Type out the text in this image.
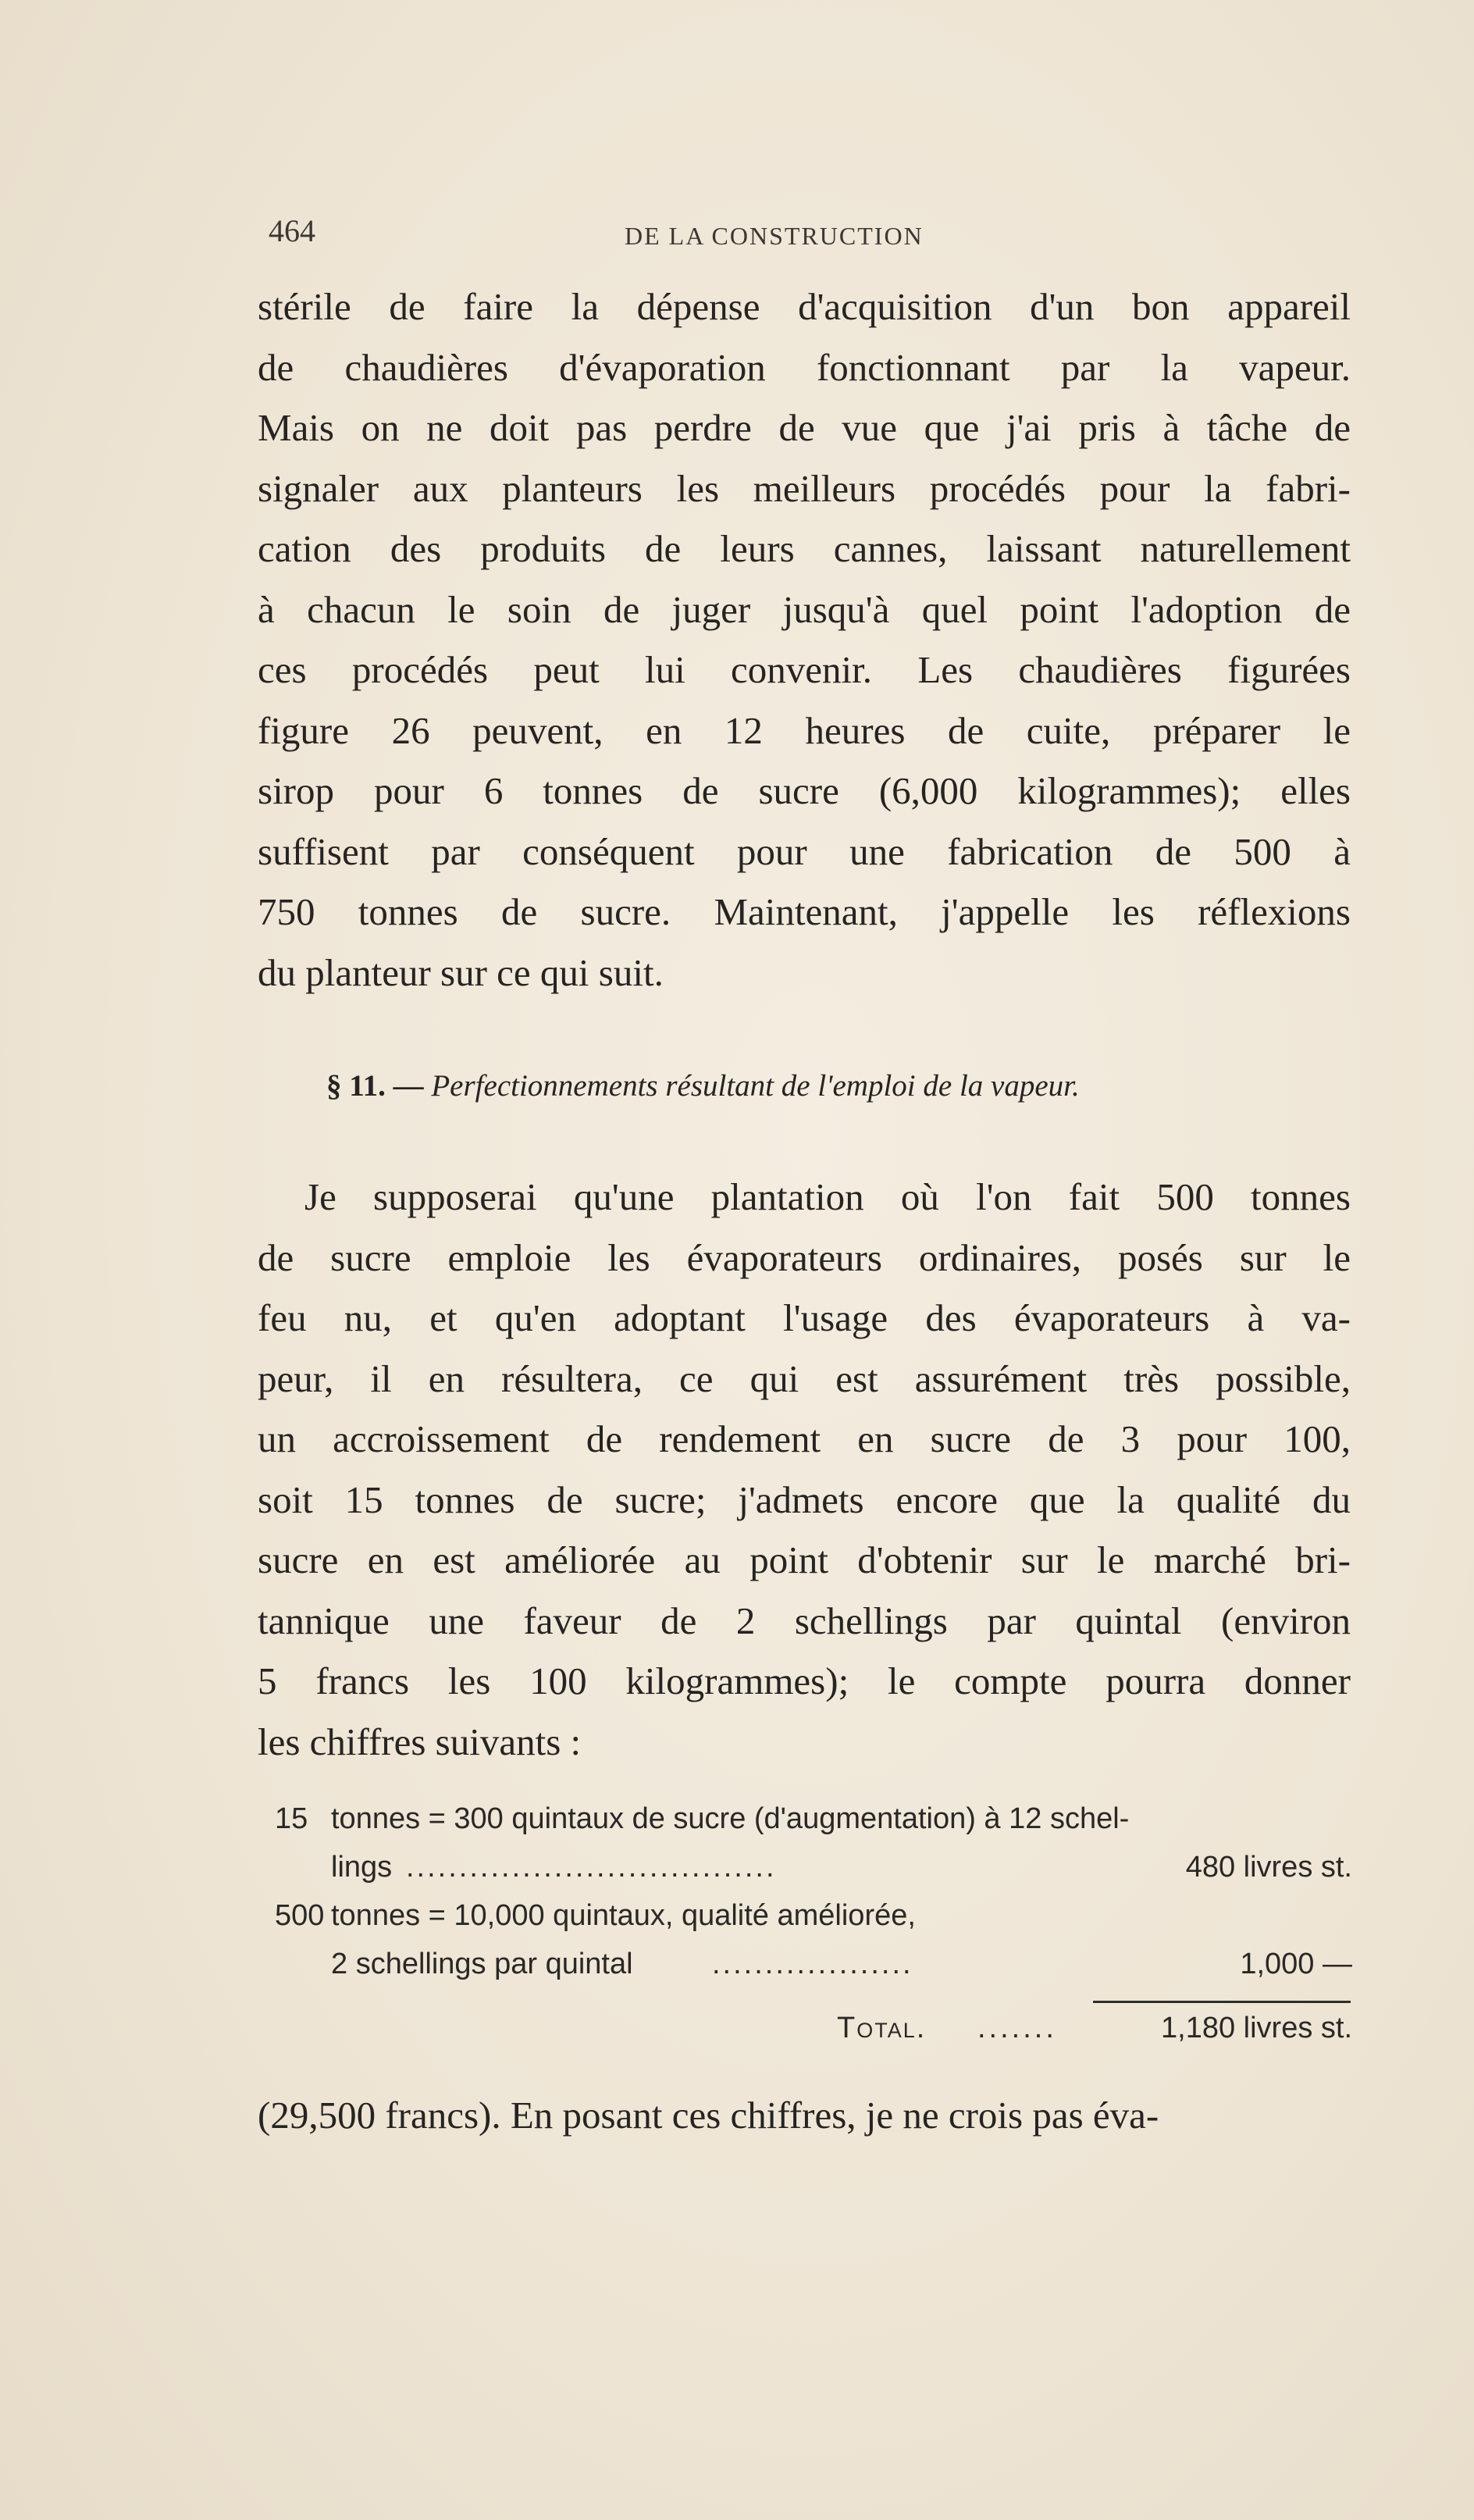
464	DE LA CONSTRUCTION
stérile de faire la dépense d'acquisition d'un bon appareil
de chaudières d'évaporation fonctionnant par la vapeur.
Mais on ne doit pas perdre de vue que j'ai pris à tâche de
signaler aux planteurs les meilleurs procédés pour la fabri-
cation des produits de leurs cannes, laissant naturellement
à chacun le soin de juger jusqu'à quel point l'adoption de
ces procédés peut lui convenir. Les chaudières figurées
figure 26 peuvent, en 12 heures de cuite, préparer le
sirop pour 6 tonnes de sucre (6,000 kilogrammes); elles
suffisent par conséquent pour une fabrication de 500 à
750 tonnes de sucre. Maintenant, j'appelle les réflexions
du planteur sur ce qui suit.
§ 11. — Perfectionnements résultant de l'emploi de la vapeur.
Je supposerai qu'une plantation où l'on fait 500 tonnes
de sucre emploie les évaporateurs ordinaires, posés sur le
feu nu, et qu'en adoptant l'usage des évaporateurs à va-
peur, il en résultera, ce qui est assurément très possible,
un accroissement de rendement en sucre de 3 pour 100,
soit 15 tonnes de sucre; j'admets encore que la qualité du
sucre en est améliorée au point d'obtenir sur le marché bri-
tannique une faveur de 2 schellings par quintal (environ
5 francs les 100 kilogrammes); le compte pourra donner
les chiffres suivants :
15 tonnes = 300 quintaux de sucre (d'augmentation) à 12 schel-
lings ...................................	480 livres st.
500 tonnes = 10,000 quintaux, qualité améliorée,
2 schellings par quintal	...................	1,000 —
Total. .......	1,180 livres st.
(29,500 francs). En posant ces chiffres, je ne crois pas éva-
